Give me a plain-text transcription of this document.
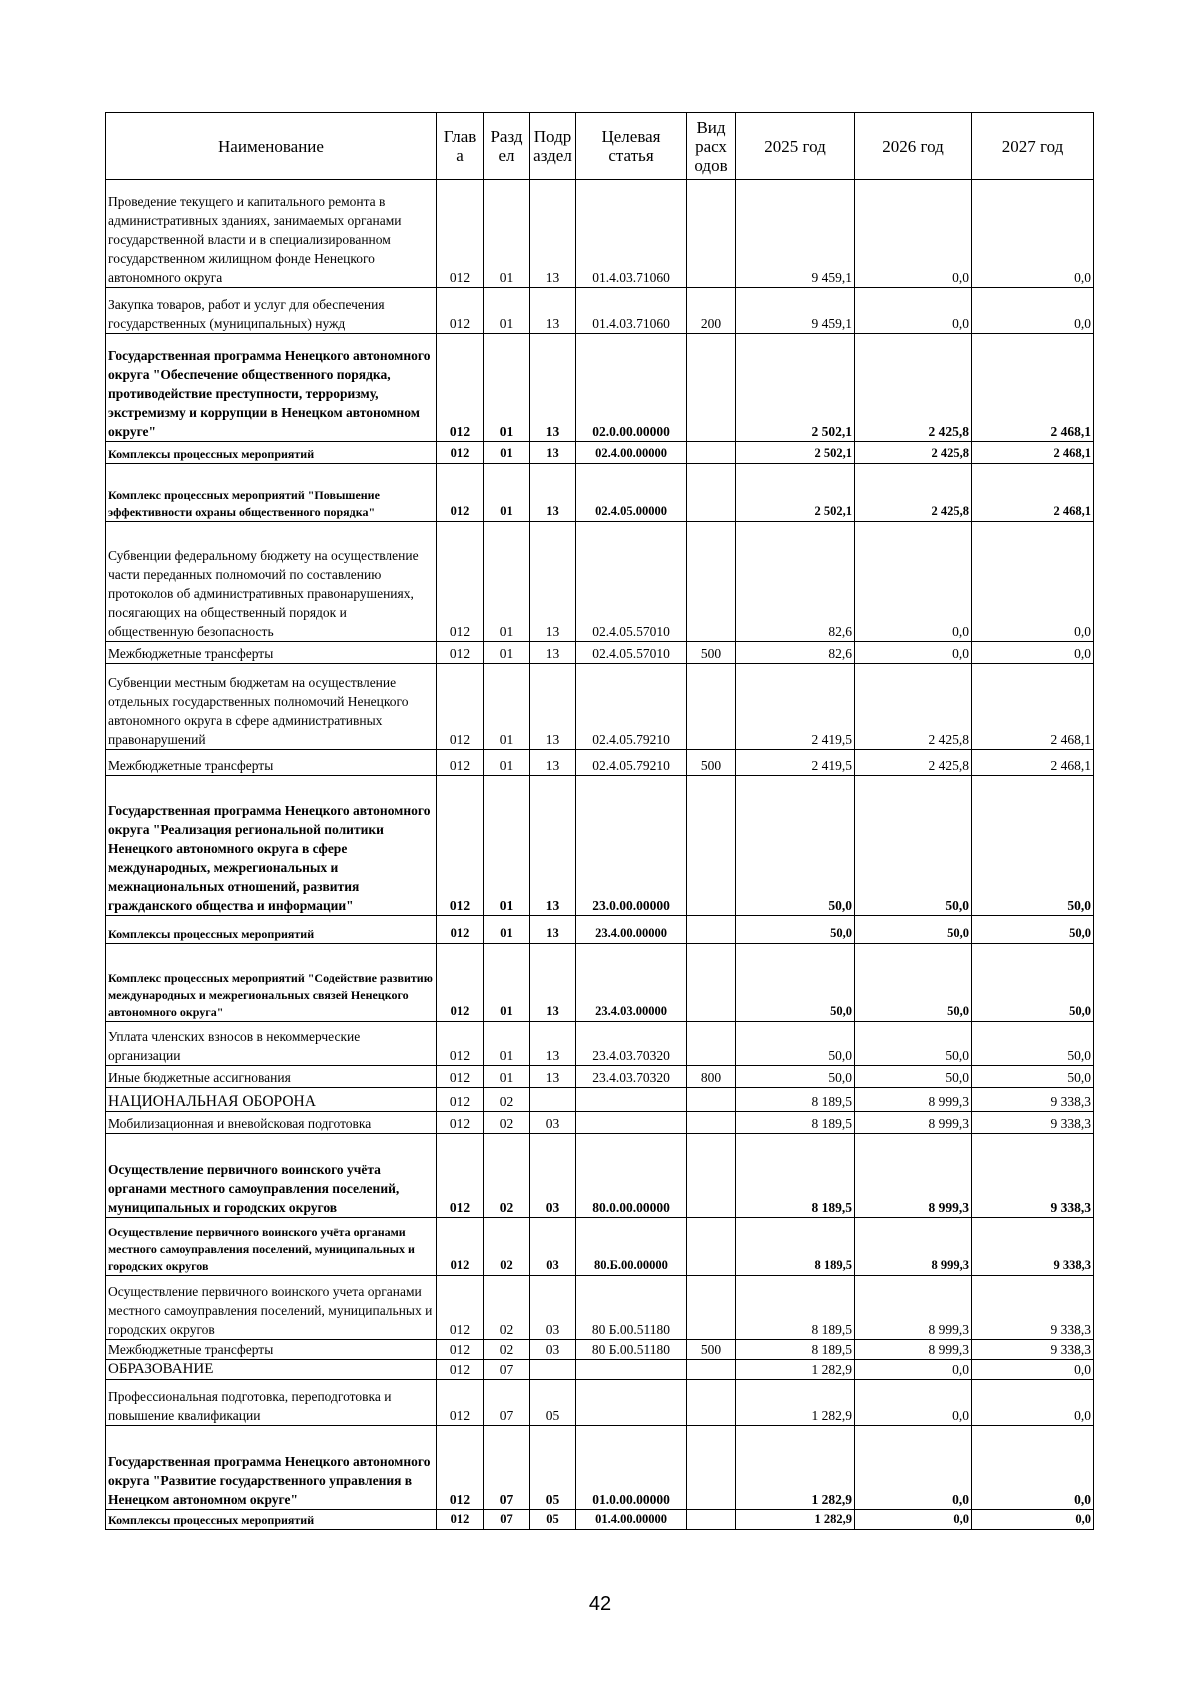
Наименование	Глав а	Разд ел	Подр аздел	Целевая статья	Вид расх одов	2025 год	2026 год	2027 год
Проведение текущего и капитального ремонта в административных зданиях, занимаемых органами государственной власти и в специализированном государственном жилищном фонде Ненецкого автономного округа	012	01	13	01.4.03.71060		9 459,1	0,0	0,0
Закупка товаров, работ и услуг для обеспечения государственных (муниципальных) нужд	012	01	13	01.4.03.71060	200	9 459,1	0,0	0,0
Государственная программа Ненецкого автономного округа "Обеспечение общественного порядка, противодействие преступности, терроризму, экстремизму и коррупции в Ненецком автономном округе"	012	01	13	02.0.00.00000		2 502,1	2 425,8	2 468,1
Комплексы процессных мероприятий	012	01	13	02.4.00.00000		2 502,1	2 425,8	2 468,1
Комплекс процессных мероприятий "Повышение эффективности охраны общественного порядка"	012	01	13	02.4.05.00000		2 502,1	2 425,8	2 468,1
Субвенции федеральному бюджету на осуществление части переданных полномочий по составлению протоколов об административных правонарушениях, посягающих на общественный порядок и общественную безопасность	012	01	13	02.4.05.57010		82,6	0,0	0,0
Межбюджетные трансферты	012	01	13	02.4.05.57010	500	82,6	0,0	0,0
Субвенции местным бюджетам на осуществление отдельных государственных полномочий Ненецкого автономного округа в сфере административных правонарушений	012	01	13	02.4.05.79210		2 419,5	2 425,8	2 468,1
Межбюджетные трансферты	012	01	13	02.4.05.79210	500	2 419,5	2 425,8	2 468,1
Государственная программа Ненецкого автономного округа "Реализация региональной политики Ненецкого автономного округа в сфере международных, межрегиональных и межнациональных отношений, развития гражданского общества и информации"	012	01	13	23.0.00.00000		50,0	50,0	50,0
Комплексы процессных мероприятий	012	01	13	23.4.00.00000		50,0	50,0	50,0
Комплекс процессных мероприятий "Содействие развитию международных и межрегиональных связей Ненецкого автономного округа"	012	01	13	23.4.03.00000		50,0	50,0	50,0
Уплата членских взносов в некоммерческие организации	012	01	13	23.4.03.70320		50,0	50,0	50,0
Иные бюджетные ассигнования	012	01	13	23.4.03.70320	800	50,0	50,0	50,0
НАЦИОНАЛЬНАЯ ОБОРОНА	012	02				8 189,5	8 999,3	9 338,3
Мобилизационная и вневойсковая подготовка	012	02	03			8 189,5	8 999,3	9 338,3
Осуществление первичного воинского учёта органами местного самоуправления поселений, муниципальных и городских округов	012	02	03	80.0.00.00000		8 189,5	8 999,3	9 338,3
Осуществление первичного воинского учёта органами местного самоуправления поселений, муниципальных и городских округов	012	02	03	80.Б.00.00000		8 189,5	8 999,3	9 338,3
Осуществление первичного воинского учета органами местного самоуправления поселений, муниципальных и городских округов	012	02	03	80 Б.00.51180		8 189,5	8 999,3	9 338,3
Межбюджетные трансферты	012	02	03	80 Б.00.51180	500	8 189,5	8 999,3	9 338,3
ОБРАЗОВАНИЕ	012	07				1 282,9	0,0	0,0
Профессиональная подготовка, переподготовка и повышение квалификации	012	07	05			1 282,9	0,0	0,0
Государственная программа Ненецкого автономного округа "Развитие государственного управления в Ненецком автономном округе"	012	07	05	01.0.00.00000		1 282,9	0,0	0,0
Комплексы процессных мероприятий	012	07	05	01.4.00.00000		1 282,9	0,0	0,0
42
